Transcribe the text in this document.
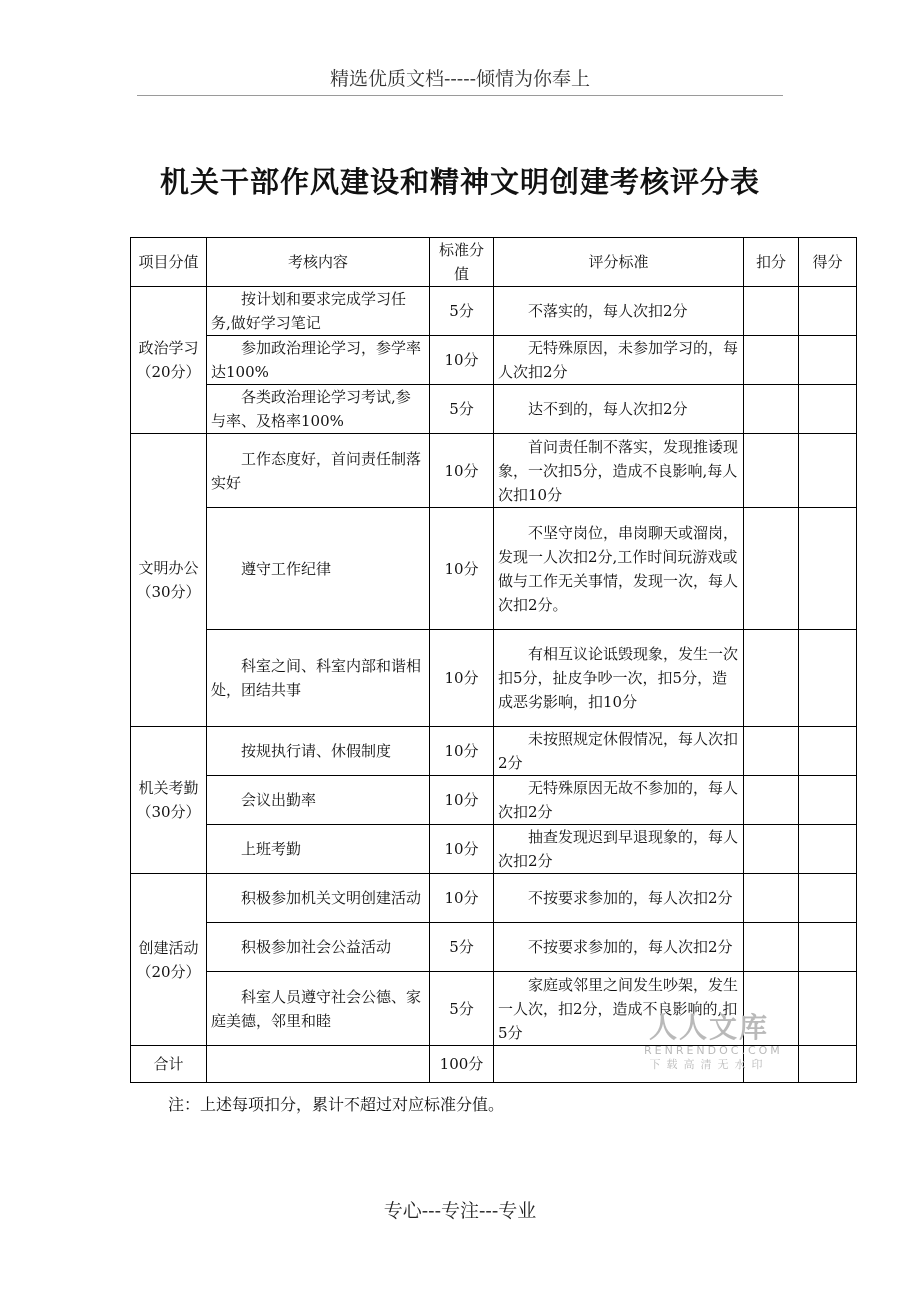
精选优质文档-----倾情为你奉上
机关干部作风建设和精神文明创建考核评分表
项目分值	考核内容	标准分值	评分标准	扣分	得分
政治学习（20分）	按计划和要求完成学习任务,做好学习笔记	5分	不落实的，每人次扣2分		
	参加政治理论学习，参学率达100%	10分	无特殊原因，未参加学习的，每人次扣2分		
	各类政治理论学习考试,参与率、及格率100%	5分	达不到的，每人次扣2分		
文明办公（30分）	工作态度好，首问责任制落实好	10分	首问责任制不落实，发现推诿现象，一次扣5分，造成不良影响,每人次扣10分		
	遵守工作纪律	10分	不坚守岗位，串岗聊天或溜岗，发现一人次扣2分,工作时间玩游戏或做与工作无关事情，发现一次，每人次扣2分。		
	科室之间、科室内部和谐相处，团结共事	10分	有相互议论诋毁现象，发生一次扣5分，扯皮争吵一次，扣5分，造成恶劣影响，扣10分		
机关考勤（30分）	按规执行请、休假制度	10分	未按照规定休假情况，每人次扣2分		
	会议出勤率	10分	无特殊原因无故不参加的，每人次扣2分		
	上班考勤	10分	抽查发现迟到早退现象的，每人次扣2分		
创建活动（20分）	积极参加机关文明创建活动	10分	不按要求参加的，每人次扣2分		
	积极参加社会公益活动	5分	不按要求参加的，每人次扣2分		
	科室人员遵守社会公德、家庭美德，邻里和睦	5分	家庭或邻里之间发生吵架，发生一人次，扣2分，造成不良影响的,扣5分		
合计		100分			
人人文库
RENRENDOC.COM
下载高清无水印
注：上述每项扣分，累计不超过对应标准分值。
专心---专注---专业
